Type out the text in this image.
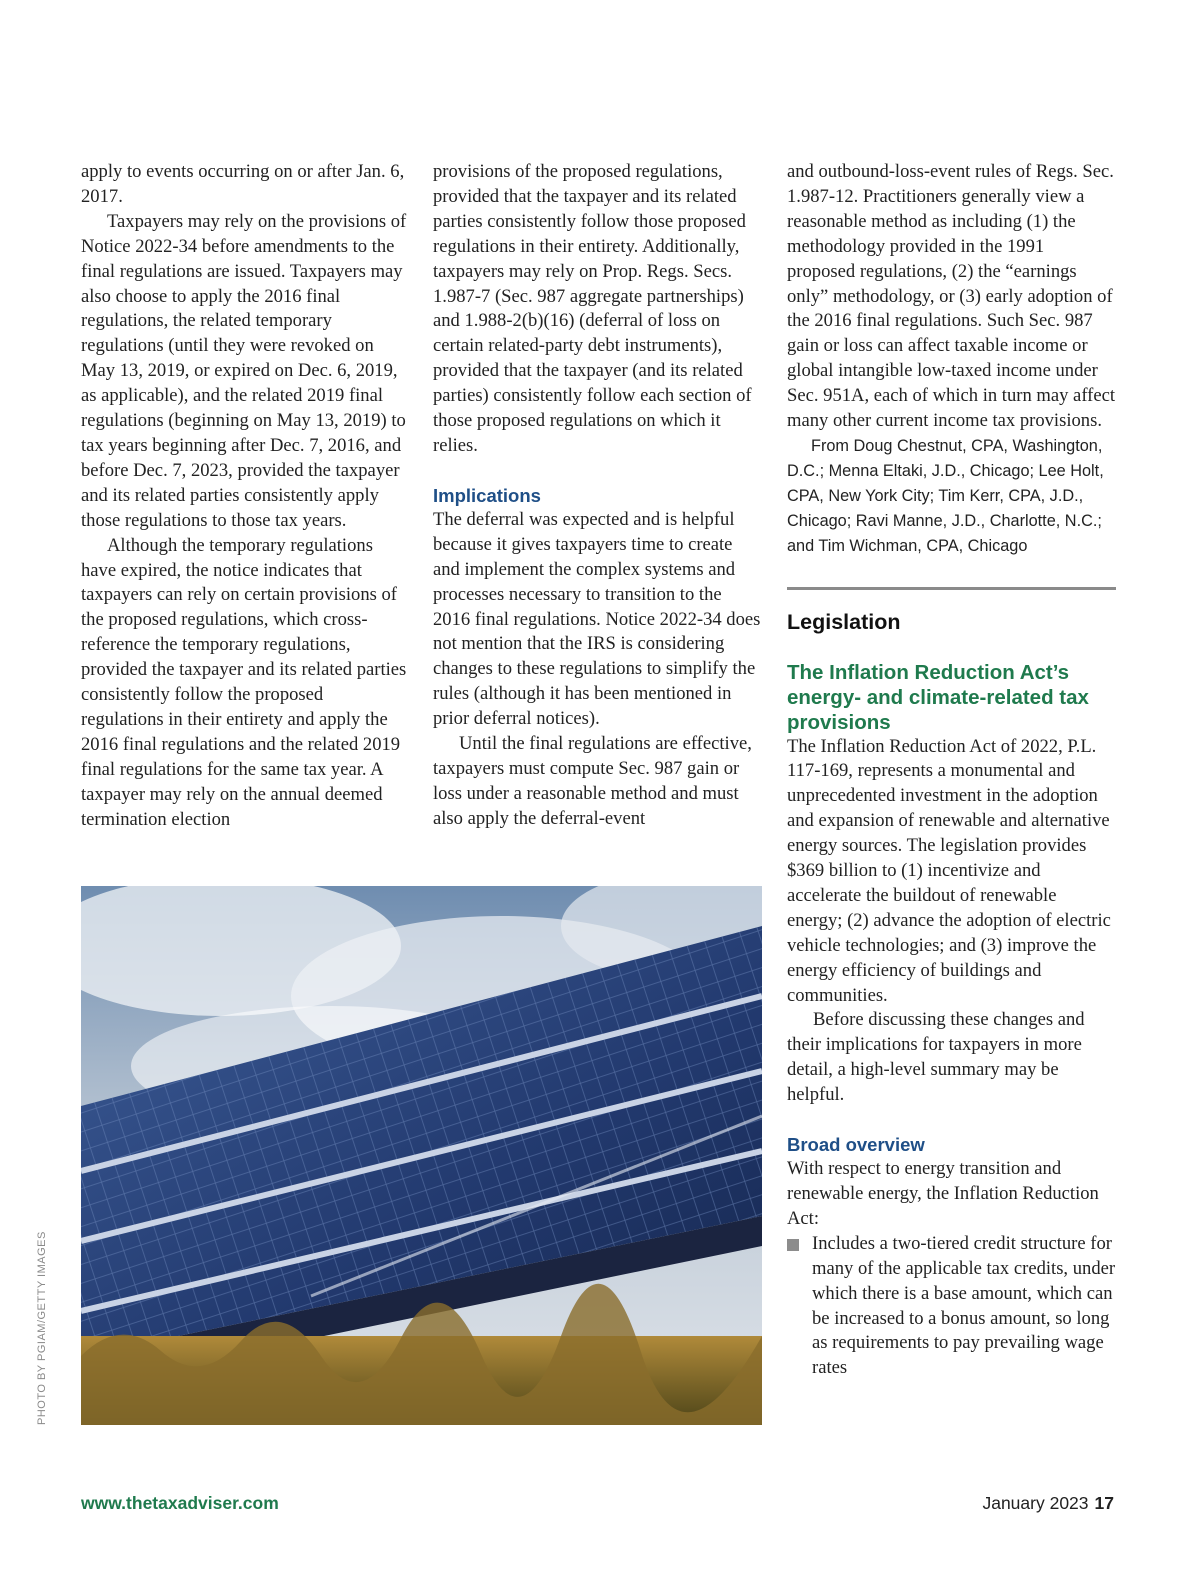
apply to events occurring on or after Jan. 6, 2017.

Taxpayers may rely on the provisions of Notice 2022-34 before amendments to the final regulations are issued. Taxpayers may also choose to apply the 2016 final regulations, the related temporary regulations (until they were revoked on May 13, 2019, or expired on Dec. 6, 2019, as applicable), and the related 2019 final regulations (beginning on May 13, 2019) to tax years beginning after Dec. 7, 2016, and before Dec. 7, 2023, provided the taxpayer and its related parties consistently apply those regulations to those tax years.

Although the temporary regulations have expired, the notice indicates that taxpayers can rely on certain provisions of the proposed regulations, which cross-reference the temporary regulations, provided the taxpayer and its related parties consistently follow the proposed regulations in their entirety and apply the 2016 final regulations and the related 2019 final regulations for the same tax year. A taxpayer may rely on the annual deemed termination election

provisions of the proposed regulations, provided that the taxpayer and its related parties consistently follow those proposed regulations in their entirety. Additionally, taxpayers may rely on Prop. Regs. Secs. 1.987-7 (Sec. 987 aggregate partnerships) and 1.988-2(b)(16) (deferral of loss on certain related-party debt instruments), provided that the taxpayer (and its related parties) consistently follow each section of those proposed regulations on which it relies.

Implications

The deferral was expected and is helpful because it gives taxpayers time to create and implement the complex systems and processes necessary to transition to the 2016 final regulations. Notice 2022-34 does not mention that the IRS is considering changes to these regulations to simplify the rules (although it has been mentioned in prior deferral notices).

Until the final regulations are effective, taxpayers must compute Sec. 987 gain or loss under a reasonable method and must also apply the deferral-event

and outbound-loss-event rules of Regs. Sec. 1.987-12. Practitioners generally view a reasonable method as including (1) the methodology provided in the 1991 proposed regulations, (2) the “earnings only” methodology, or (3) early adoption of the 2016 final regulations. Such Sec. 987 gain or loss can affect taxable income or global intangible low-taxed income under Sec. 951A, each of which in turn may affect many other current income tax provisions.

From Doug Chestnut, CPA, Washington, D.C.; Menna Eltaki, J.D., Chicago; Lee Holt, CPA, New York City; Tim Kerr, CPA, J.D., Chicago; Ravi Manne, J.D., Charlotte, N.C.; and Tim Wichman, CPA, Chicago

Legislation
The Inflation Reduction Act’s energy- and climate-related tax provisions

The Inflation Reduction Act of 2022, P.L. 117-169, represents a monumental and unprecedented investment in the adoption and expansion of renewable and alternative energy sources. The legislation provides $369 billion to (1) incentivize and accelerate the buildout of renewable energy; (2) advance the adoption of electric vehicle technologies; and (3) improve the energy efficiency of buildings and communities.

Before discussing these changes and their implications for taxpayers in more detail, a high-level summary may be helpful.

Broad overview

With respect to energy transition and renewable energy, the Inflation Reduction Act:

Includes a two-tiered credit structure for many of the applicable tax credits, under which there is a base amount, which can be increased to a bonus amount, so long as requirements to pay prevailing wage rates
PHOTO BY PGIAM/GETTY IMAGES
www.thetaxadviser.com	January 2023 17
